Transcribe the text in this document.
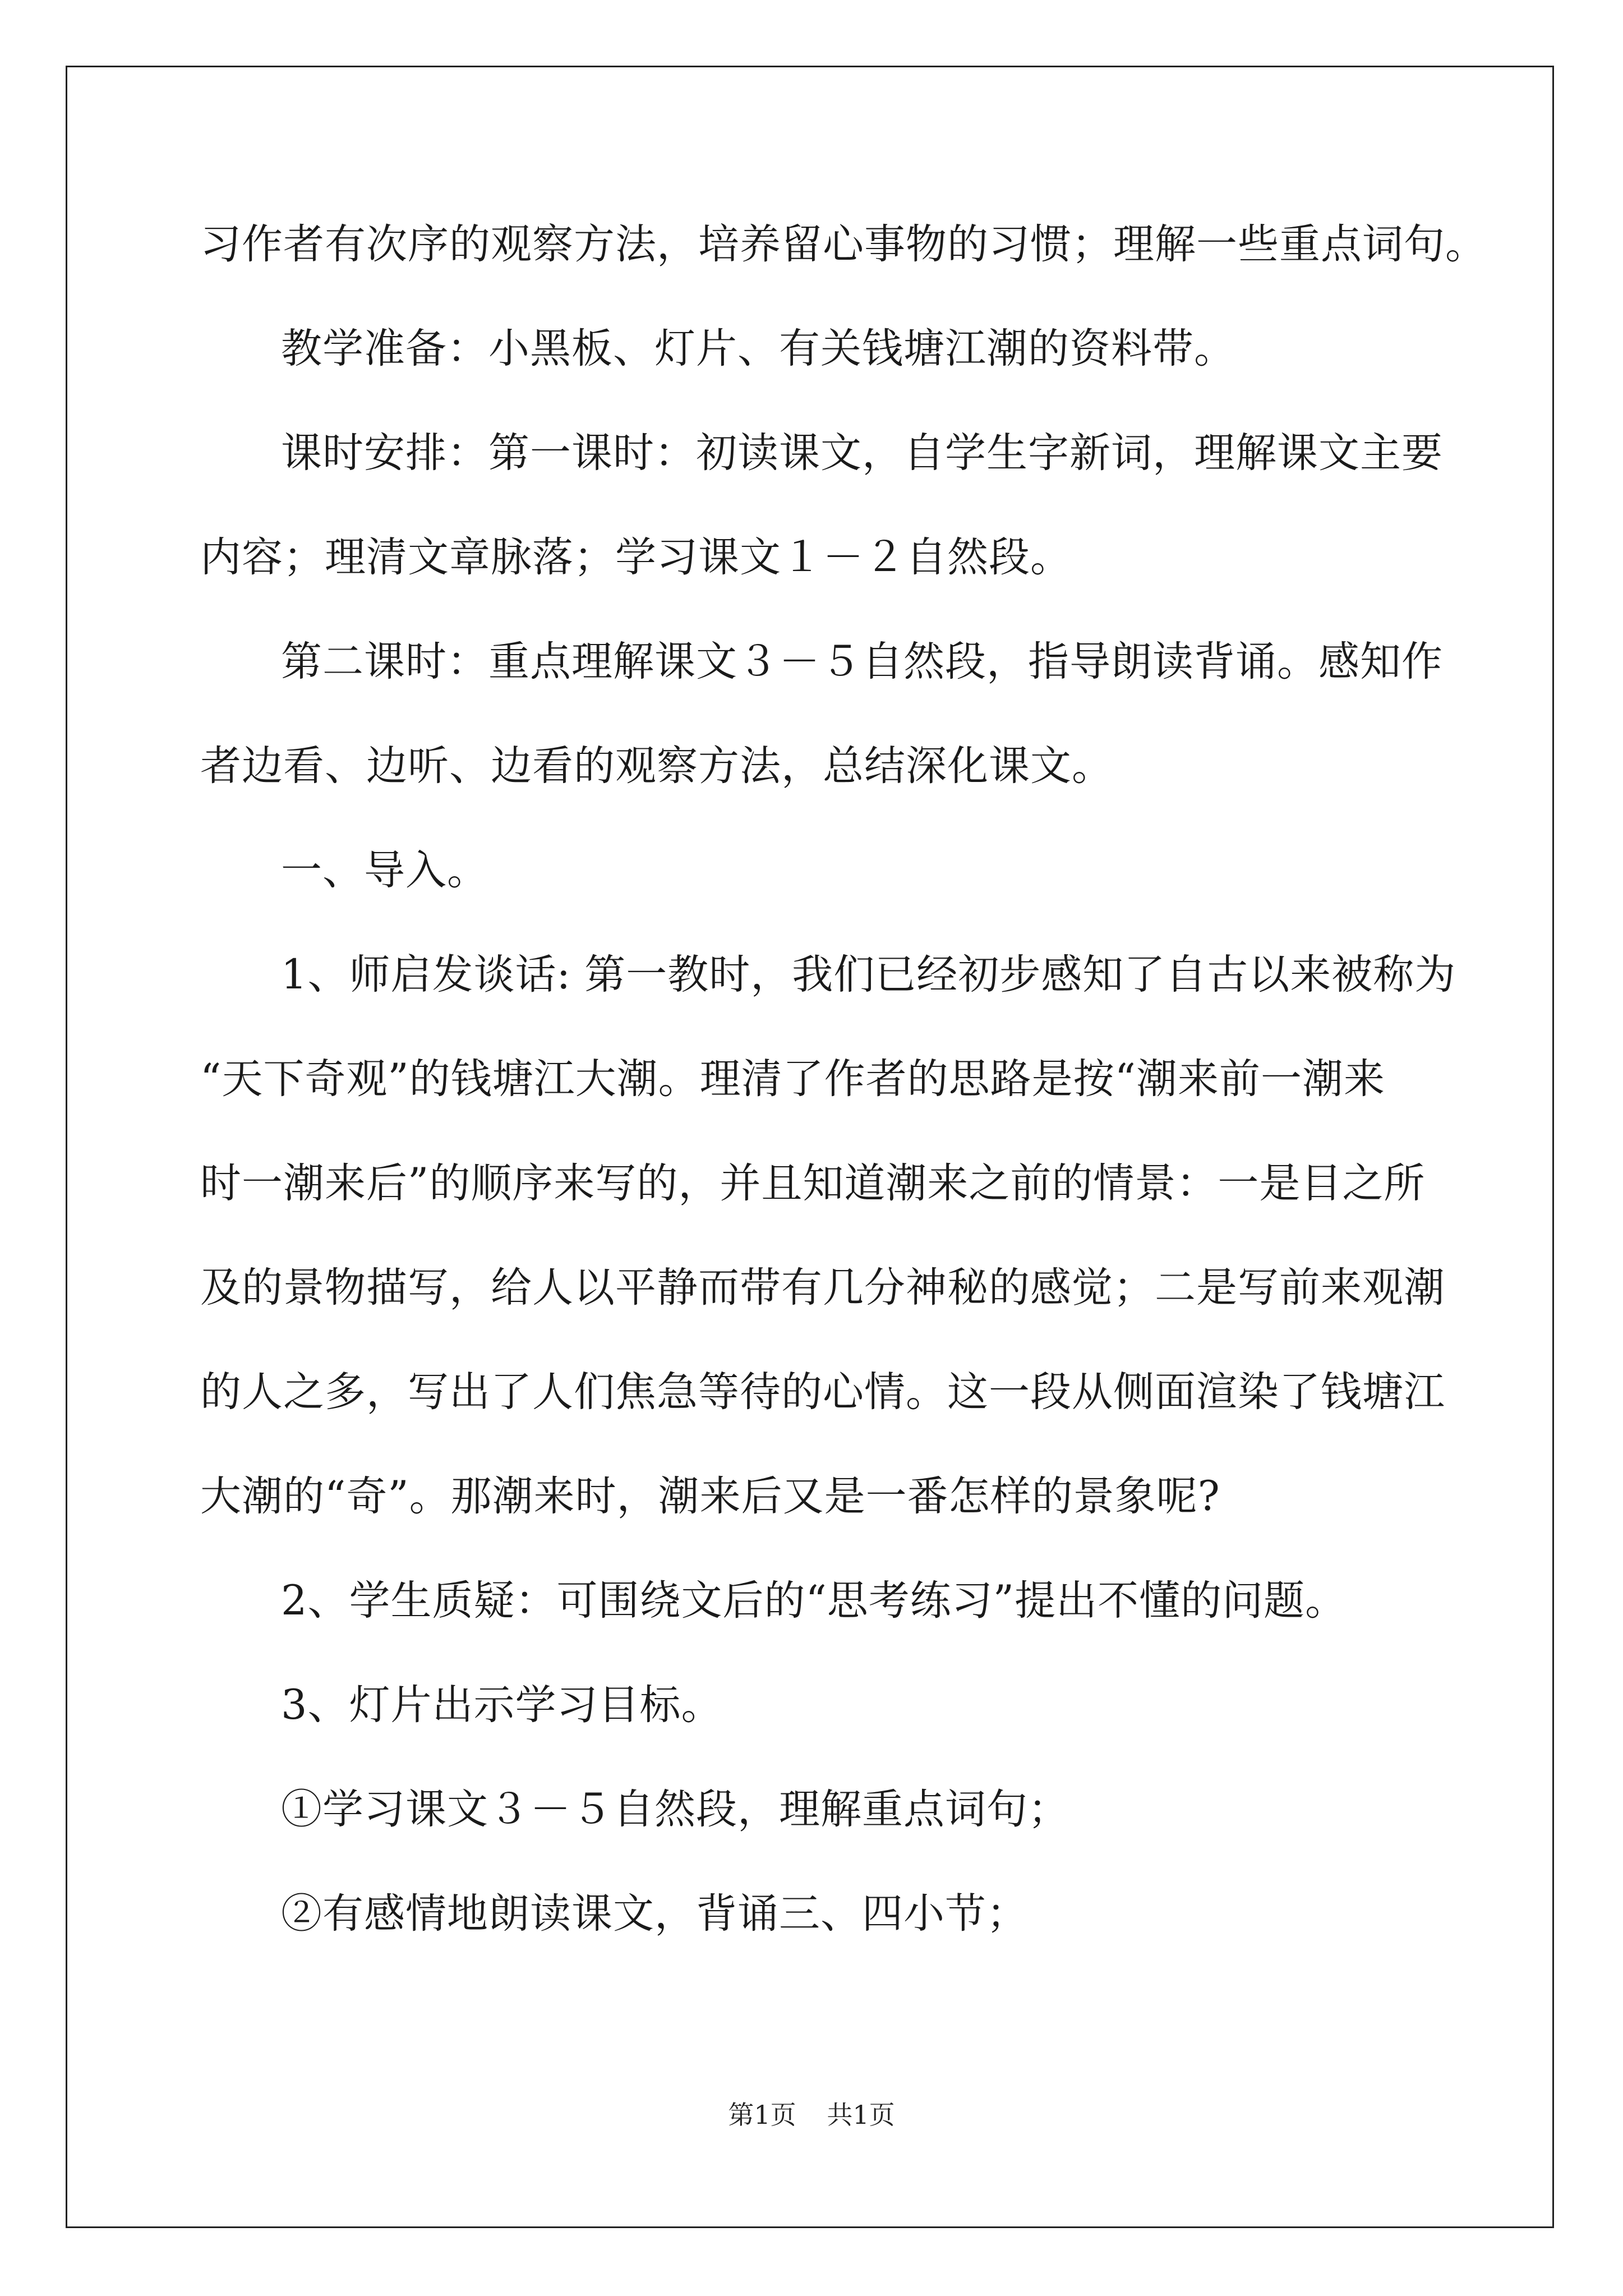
习作者有次序的观察方法，培养留心事物的习惯；理解一些重点词句。
教学准备：小黑板、灯片、有关钱塘江潮的资料带。
课时安排：第一课时：初读课文，自学生字新词，理解课文主要
内容；理清文章脉落；学习课文１－２自然段。
第二课时：重点理解课文３－５自然段，指导朗读背诵。感知作
者边看、边听、边看的观察方法，总结深化课文。
一、导入。
1、师启发谈话: 第一教时，我们已经初步感知了自古以来被称为
“天下奇观”的钱塘江大潮。理清了作者的思路是按“潮来前一潮来
时一潮来后”的顺序来写的，并且知道潮来之前的情景：一是目之所
及的景物描写，给人以平静而带有几分神秘的感觉；二是写前来观潮
的人之多，写出了人们焦急等待的心情。这一段从侧面渲染了钱塘江
大潮的“奇”。那潮来时，潮来后又是一番怎样的景象呢?
2、学生质疑：可围绕文后的“思考练习”提出不懂的问题。
3、灯片出示学习目标。
①学习课文３－５自然段，理解重点词句；
②有感情地朗读课文，背诵三、四小节；
第1页 共1页
